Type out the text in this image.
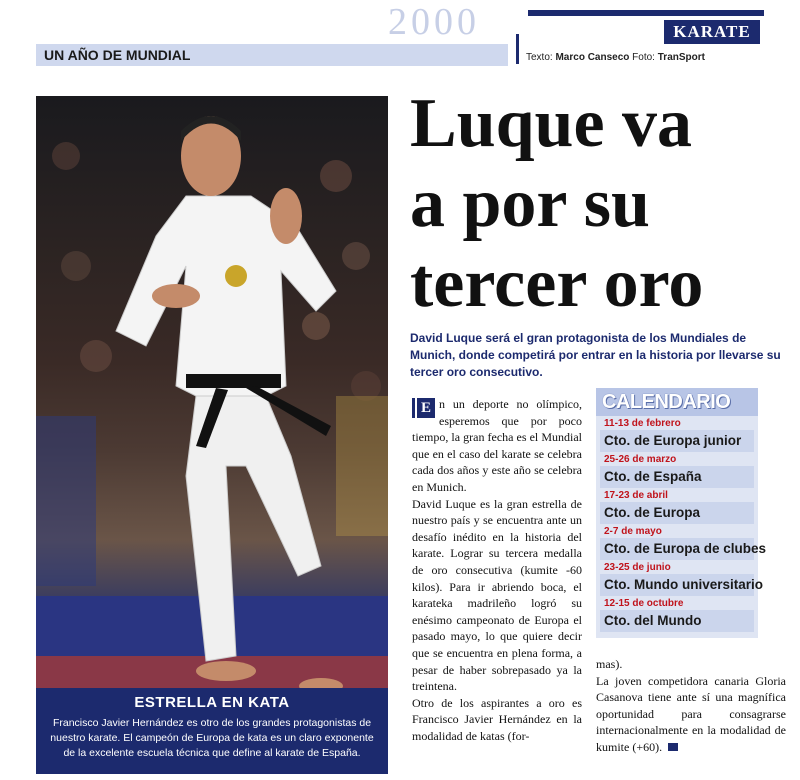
2000	KARATE
UN AÑO DE MUNDIAL	Texto: Marco Canseco Foto: TranSport
ESTRELLA EN KATA
Francisco Javier Hernández es otro de los grandes protagonistas de nuestro karate. El campeón de Europa de kata es un claro exponente de la excelente escuela técnica que define al karate de España.
Luque va
a por su
tercer oro
David Luque será el gran protagonista de los Mundiales de Munich, donde competirá por entrar en la historia por llevarse su tercer oro consecutivo.

E n un deporte no olímpico, esperemos que por poco tiempo, la gran fecha es el Mundial que en el caso del karate se celebra cada dos años y este año se celebra en Munich.

David Luque es la gran estrella de nuestro país y se encuentra ante un desafío inédito en la historia del karate. Lograr su tercera medalla de oro consecutiva (kumite -60 kilos). Para ir abriendo boca, el karateka madrileño logró su enésimo campeonato de Europa el pasado mayo, lo que quiere decir que se encuentra en plena forma, a pesar de haber sobrepasado ya la treintena.

Otro de los aspirantes a oro es Francisco Javier Hernández en la modalidad de katas (for-

CALENDARIO
11-13 de febrero
Cto. de Europa junior
25-26 de marzo
Cto. de España
17-23 de abril
Cto. de Europa
2-7 de mayo
Cto. de Europa de clubes
23-25 de junio
Cto. Mundo universitario
12-15 de octubre
Cto. del Mundo

mas).

La joven competidora canaria Gloria Casanova tiene ante sí una magnífica oportunidad para consagrarse internacionalmente en la modalidad de kumite (+60).
